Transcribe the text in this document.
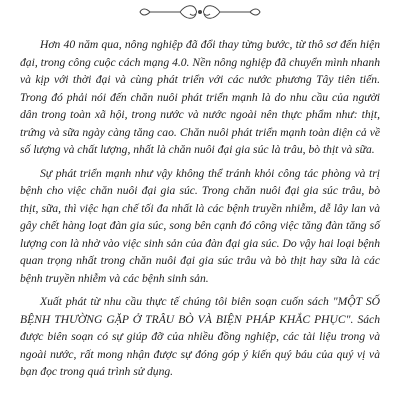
Hơn 40 năm qua, nông nghiệp đã đổi thay từng bước, từ thô sơ đến hiện đại, trong công cuộc cách mạng 4.0. Nền nông nghiệp đã chuyển mình nhanh và kịp với thời đại và cùng phát triển với các nước phương Tây tiên tiến. Trong đó phải nói đến chăn nuôi phát triển mạnh là do nhu cầu của người dân trong toàn xã hội, trong nước và nước ngoài nên thực phẩm như: thịt, trứng và sữa ngày càng tăng cao. Chăn nuôi phát triển mạnh toàn diện cả về số lượng và chất lượng, nhất là chăn nuôi đại gia súc là trâu, bò thịt và sữa.

Sự phát triển mạnh như vậy không thể tránh khỏi công tác phòng và trị bệnh cho việc chăn nuôi đại gia súc. Trong chăn nuôi đại gia súc trâu, bò thịt, sữa, thì việc hạn chế tối đa nhất là các bệnh truyền nhiễm, dễ lây lan và gây chết hàng loạt đàn gia súc, song bên cạnh đó công việc tăng đàn tăng số lượng con là nhờ vào việc sinh sản của đàn đại gia súc. Do vậy hai loại bệnh quan trọng nhất trong chăn nuôi đại gia súc trâu và bò thịt hay sữa là các bệnh truyền nhiễm và các bệnh sinh sản.

Xuất phát từ nhu cầu thực tế chúng tôi biên soạn cuốn sách "MỘT SỐ BỆNH THƯỜNG GẶP Ở TRÂU BÒ VÀ BIỆN PHÁP KHẮC PHỤC". Sách được biên soạn có sự giúp đỡ của nhiều đồng nghiệp, các tài liệu trong và ngoài nước, rất mong nhận được sự đóng góp ý kiến quý báu của quý vị và bạn đọc trong quá trình sử dụng.
